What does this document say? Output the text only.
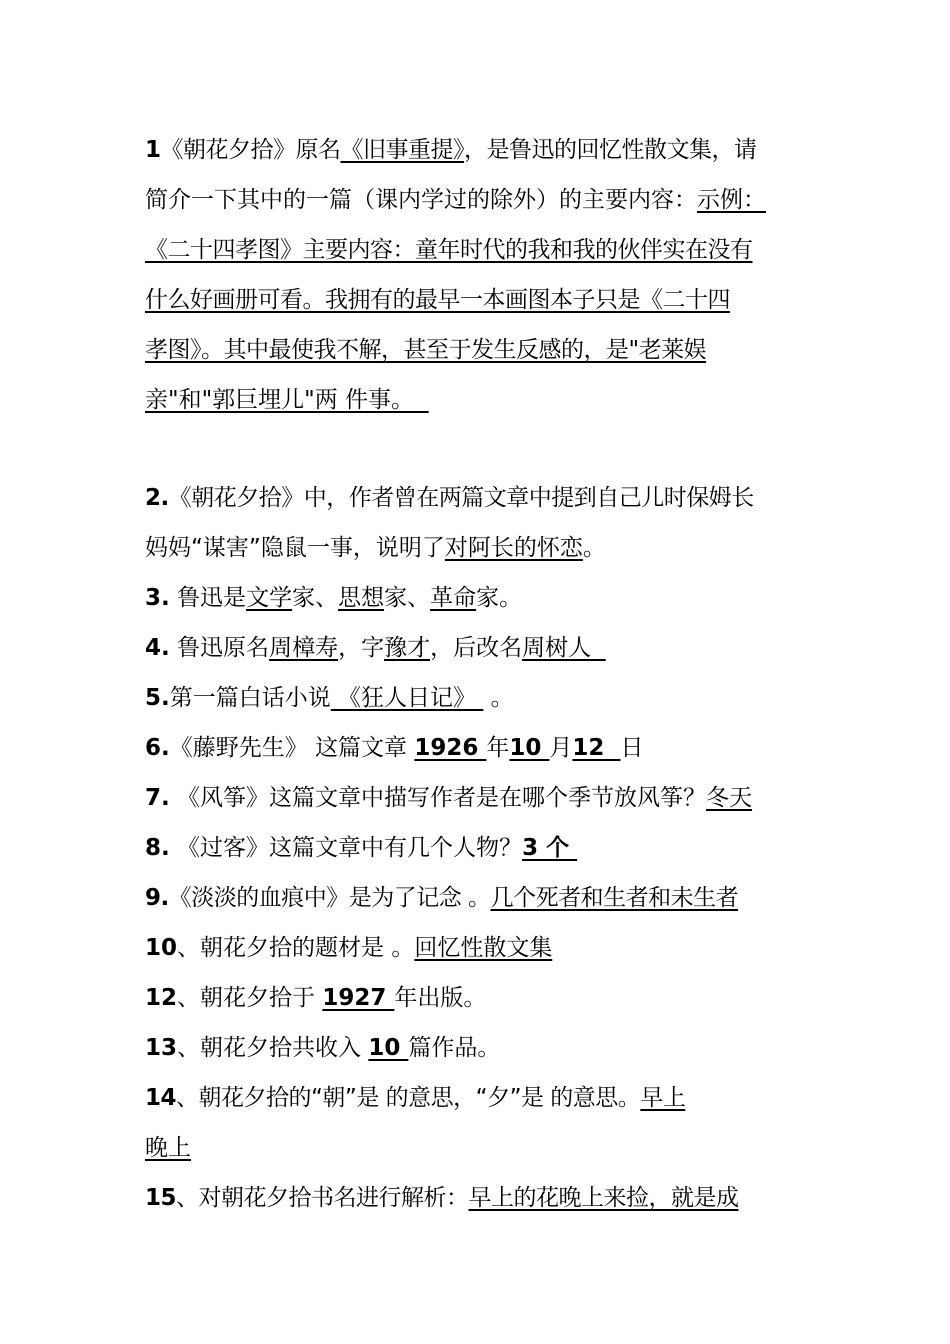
1《朝花夕拾》原名《旧事重提》，是鲁迅的回忆性散文集，请
简介一下其中的一篇（课内学过的除外）的主要内容：示例：
《二十四孝图》主要内容：童年时代的我和我的伙伴实在没有
什么好画册可看。我拥有的最早一本画图本子只是《二十四
孝图》。其中最使我不解，甚至于发生反感的，是"老莱娱
亲"和"郭巨埋儿"两 件事。
2.《朝花夕拾》中，作者曾在两篇文章中提到自己儿时保姆长
妈妈“谋害”隐鼠一事，说明了对阿长的怀恋。
3. 鲁迅是文学家、思想家、革命家。
4. 鲁迅原名周樟寿，字豫才，后改名周树人
5.第一篇白话小说 《狂人日记》  。
6.《藤野先生》 这篇文章 1926 年10 月12  日
7. 《风筝》这篇文章中描写作者是在哪个季节放风筝？冬天
8. 《过客》这篇文章中有几个人物？3 个
9.《淡淡的血痕中》是为了记念 。几个死者和生者和未生者
10、朝花夕拾的题材是 。回忆性散文集
12、朝花夕拾于 1927 年出版。
13、朝花夕拾共收入 10 篇作品。
14、朝花夕拾的“朝”是 的意思，“夕”是 的意思。早上
晚上
15、对朝花夕拾书名进行解析：早上的花晚上来捡，就是成
